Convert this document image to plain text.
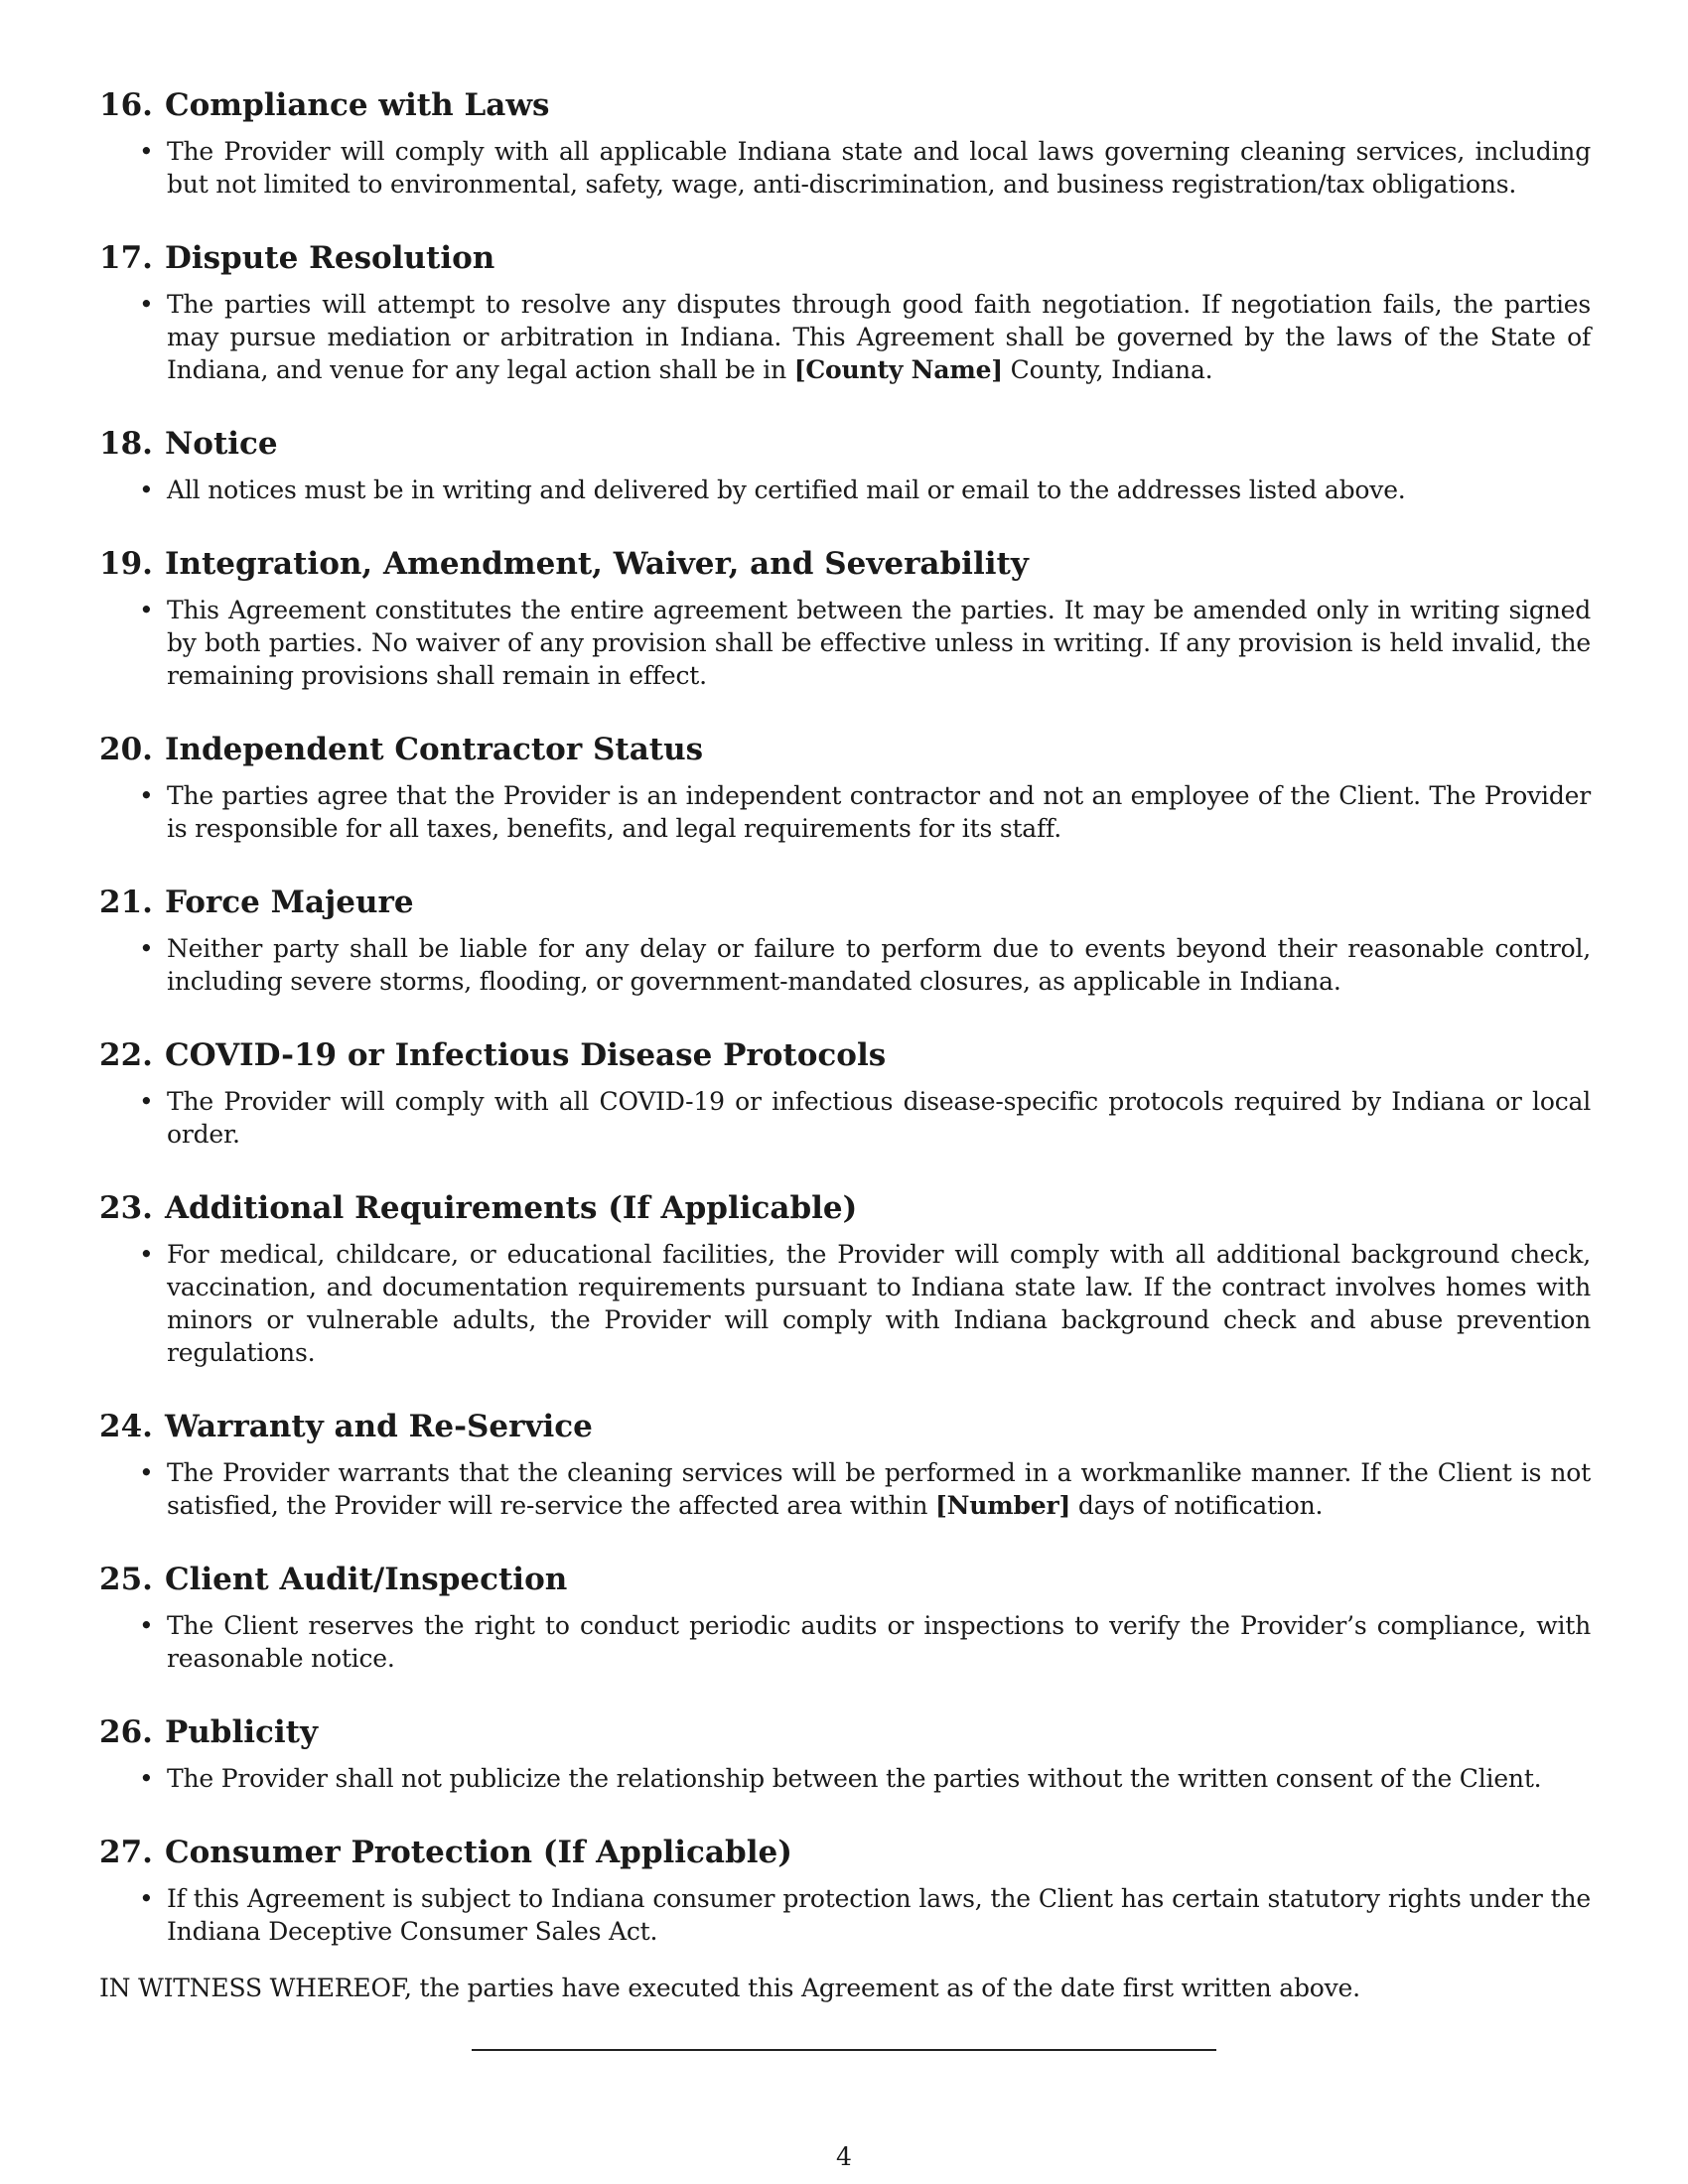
16. Compliance with Laws
• The Provider will comply with all applicable Indiana state and local laws governing cleaning services, including but not limited to environmental, safety, wage, anti-discrimination, and business registration/tax obligations.
17. Dispute Resolution
• The parties will attempt to resolve any disputes through good faith negotiation. If negotiation fails, the parties may pursue mediation or arbitration in Indiana. This Agreement shall be governed by the laws of the State of Indiana, and venue for any legal action shall be in [County Name] County, Indiana.
18. Notice
• All notices must be in writing and delivered by certified mail or email to the addresses listed above.
19. Integration, Amendment, Waiver, and Severability
• This Agreement constitutes the entire agreement between the parties. It may be amended only in writing signed by both parties. No waiver of any provision shall be effective unless in writing. If any provision is held invalid, the remaining provisions shall remain in effect.
20. Independent Contractor Status
• The parties agree that the Provider is an independent contractor and not an employee of the Client. The Provider is responsible for all taxes, benefits, and legal requirements for its staff.
21. Force Majeure
• Neither party shall be liable for any delay or failure to perform due to events beyond their reasonable control, including severe storms, flooding, or government-mandated closures, as applicable in Indiana.
22. COVID-19 or Infectious Disease Protocols
• The Provider will comply with all COVID-19 or infectious disease-specific protocols required by Indiana or local order.
23. Additional Requirements (If Applicable)
• For medical, childcare, or educational facilities, the Provider will comply with all additional background check, vaccination, and documentation requirements pursuant to Indiana state law. If the contract involves homes with minors or vulnerable adults, the Provider will comply with Indiana background check and abuse prevention regulations.
24. Warranty and Re-Service
• The Provider warrants that the cleaning services will be performed in a workmanlike manner. If the Client is not satisfied, the Provider will re-service the affected area within [Number] days of notification.
25. Client Audit/Inspection
• The Client reserves the right to conduct periodic audits or inspections to verify the Provider’s compliance, with reasonable notice.
26. Publicity
• The Provider shall not publicize the relationship between the parties without the written consent of the Client.
27. Consumer Protection (If Applicable)
• If this Agreement is subject to Indiana consumer protection laws, the Client has certain statutory rights under the Indiana Deceptive Consumer Sales Act.

IN WITNESS WHEREOF, the parties have executed this Agreement as of the date first written above.

4
